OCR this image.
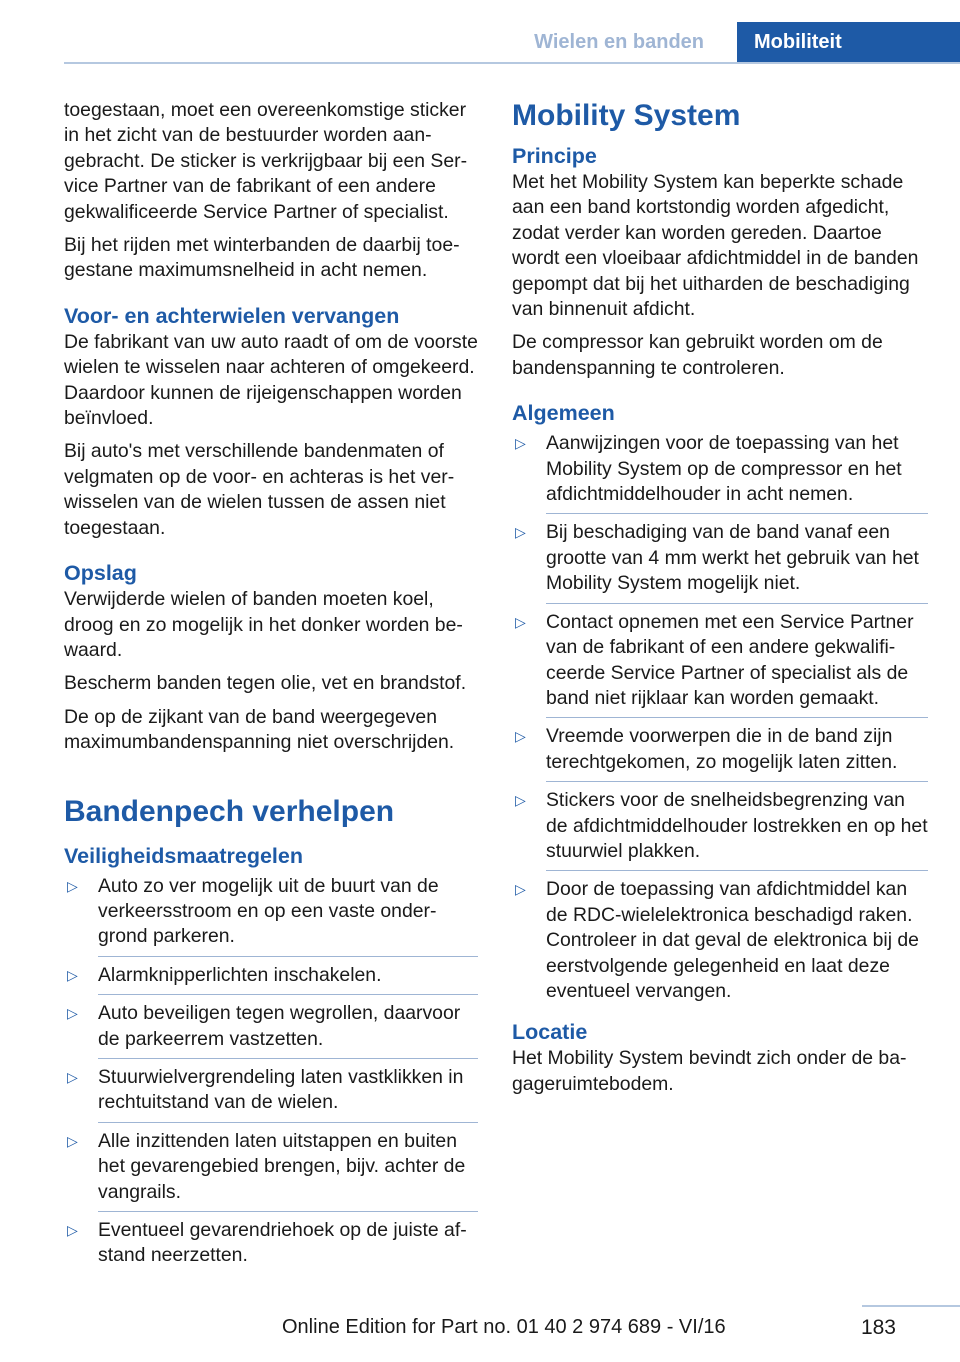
Wielen en banden	Mobiliteit

toegestaan, moet een overeenkomstige sticker in het zicht van de bestuurder worden aangebracht. De sticker is verkrijgbaar bij een Service Partner van de fabrikant of een andere gekwalificeerde Service Partner of specialist.

Bij het rijden met winterbanden de daarbij toegestane maximumsnelheid in acht nemen.

Voor- en achterwielen vervangen

De fabrikant van uw auto raadt of om de voorste wielen te wisselen naar achteren of omgekeerd. Daardoor kunnen de rijeigenschappen worden beïnvloed.

Bij auto's met verschillende bandenmaten of velgmaten op de voor- en achteras is het verwisselen van de wielen tussen de assen niet toegestaan.

Opslag

Verwijderde wielen of banden moeten koel, droog en zo mogelijk in het donker worden bewaard.

Bescherm banden tegen olie, vet en brandstof.

De op de zijkant van de band weergegeven maximumbandenspanning niet overschrijden.

Bandenpech verhelpen
Veiligheidsmaatregelen
▷ Auto zo ver mogelijk uit de buurt van de verkeersstroom en op een vaste ondergrond parkeren.
▷ Alarmknipperlichten inschakelen.
▷ Auto beveiligen tegen wegrollen, daarvoor de parkeerrem vastzetten.
▷ Stuurwielvergrendeling laten vastklikken in rechtuitstand van de wielen.
▷ Alle inzittenden laten uitstappen en buiten het gevarengebied brengen, bijv. achter de vangrails.
▷ Eventueel gevarendriehoek op de juiste afstand neerzetten.
Mobility System
Principe

Met het Mobility System kan beperkte schade aan een band kortstondig worden afgedicht, zodat verder kan worden gereden. Daartoe wordt een vloeibaar afdichtmiddel in de banden gepompt dat bij het uitharden de beschadiging van binnenuit afdicht.

De compressor kan gebruikt worden om de bandenspanning te controleren.

Algemeen
▷ Aanwijzingen voor de toepassing van het Mobility System op de compressor en het afdichtmiddelhouder in acht nemen.
▷ Bij beschadiging van de band vanaf een grootte van 4 mm werkt het gebruik van het Mobility System mogelijk niet.
▷ Contact opnemen met een Service Partner van de fabrikant of een andere gekwalificeerde Service Partner of specialist als de band niet rijklaar kan worden gemaakt.
▷ Vreemde voorwerpen die in de band zijn terechtgekomen, zo mogelijk laten zitten.
▷ Stickers voor de snelheidsbegrenzing van de afdichtmiddelhouder lostrekken en op het stuurwiel plakken.
▷ Door de toepassing van afdichtmiddel kan de RDC-wielelektronica beschadigd raken. Controleer in dat geval de elektronica bij de eerstvolgende gelegenheid en laat deze eventueel vervangen.
Locatie

Het Mobility System bevindt zich onder de bagageruimtebodem.

183
Online Edition for Part no. 01 40 2 974 689 - VI/16
